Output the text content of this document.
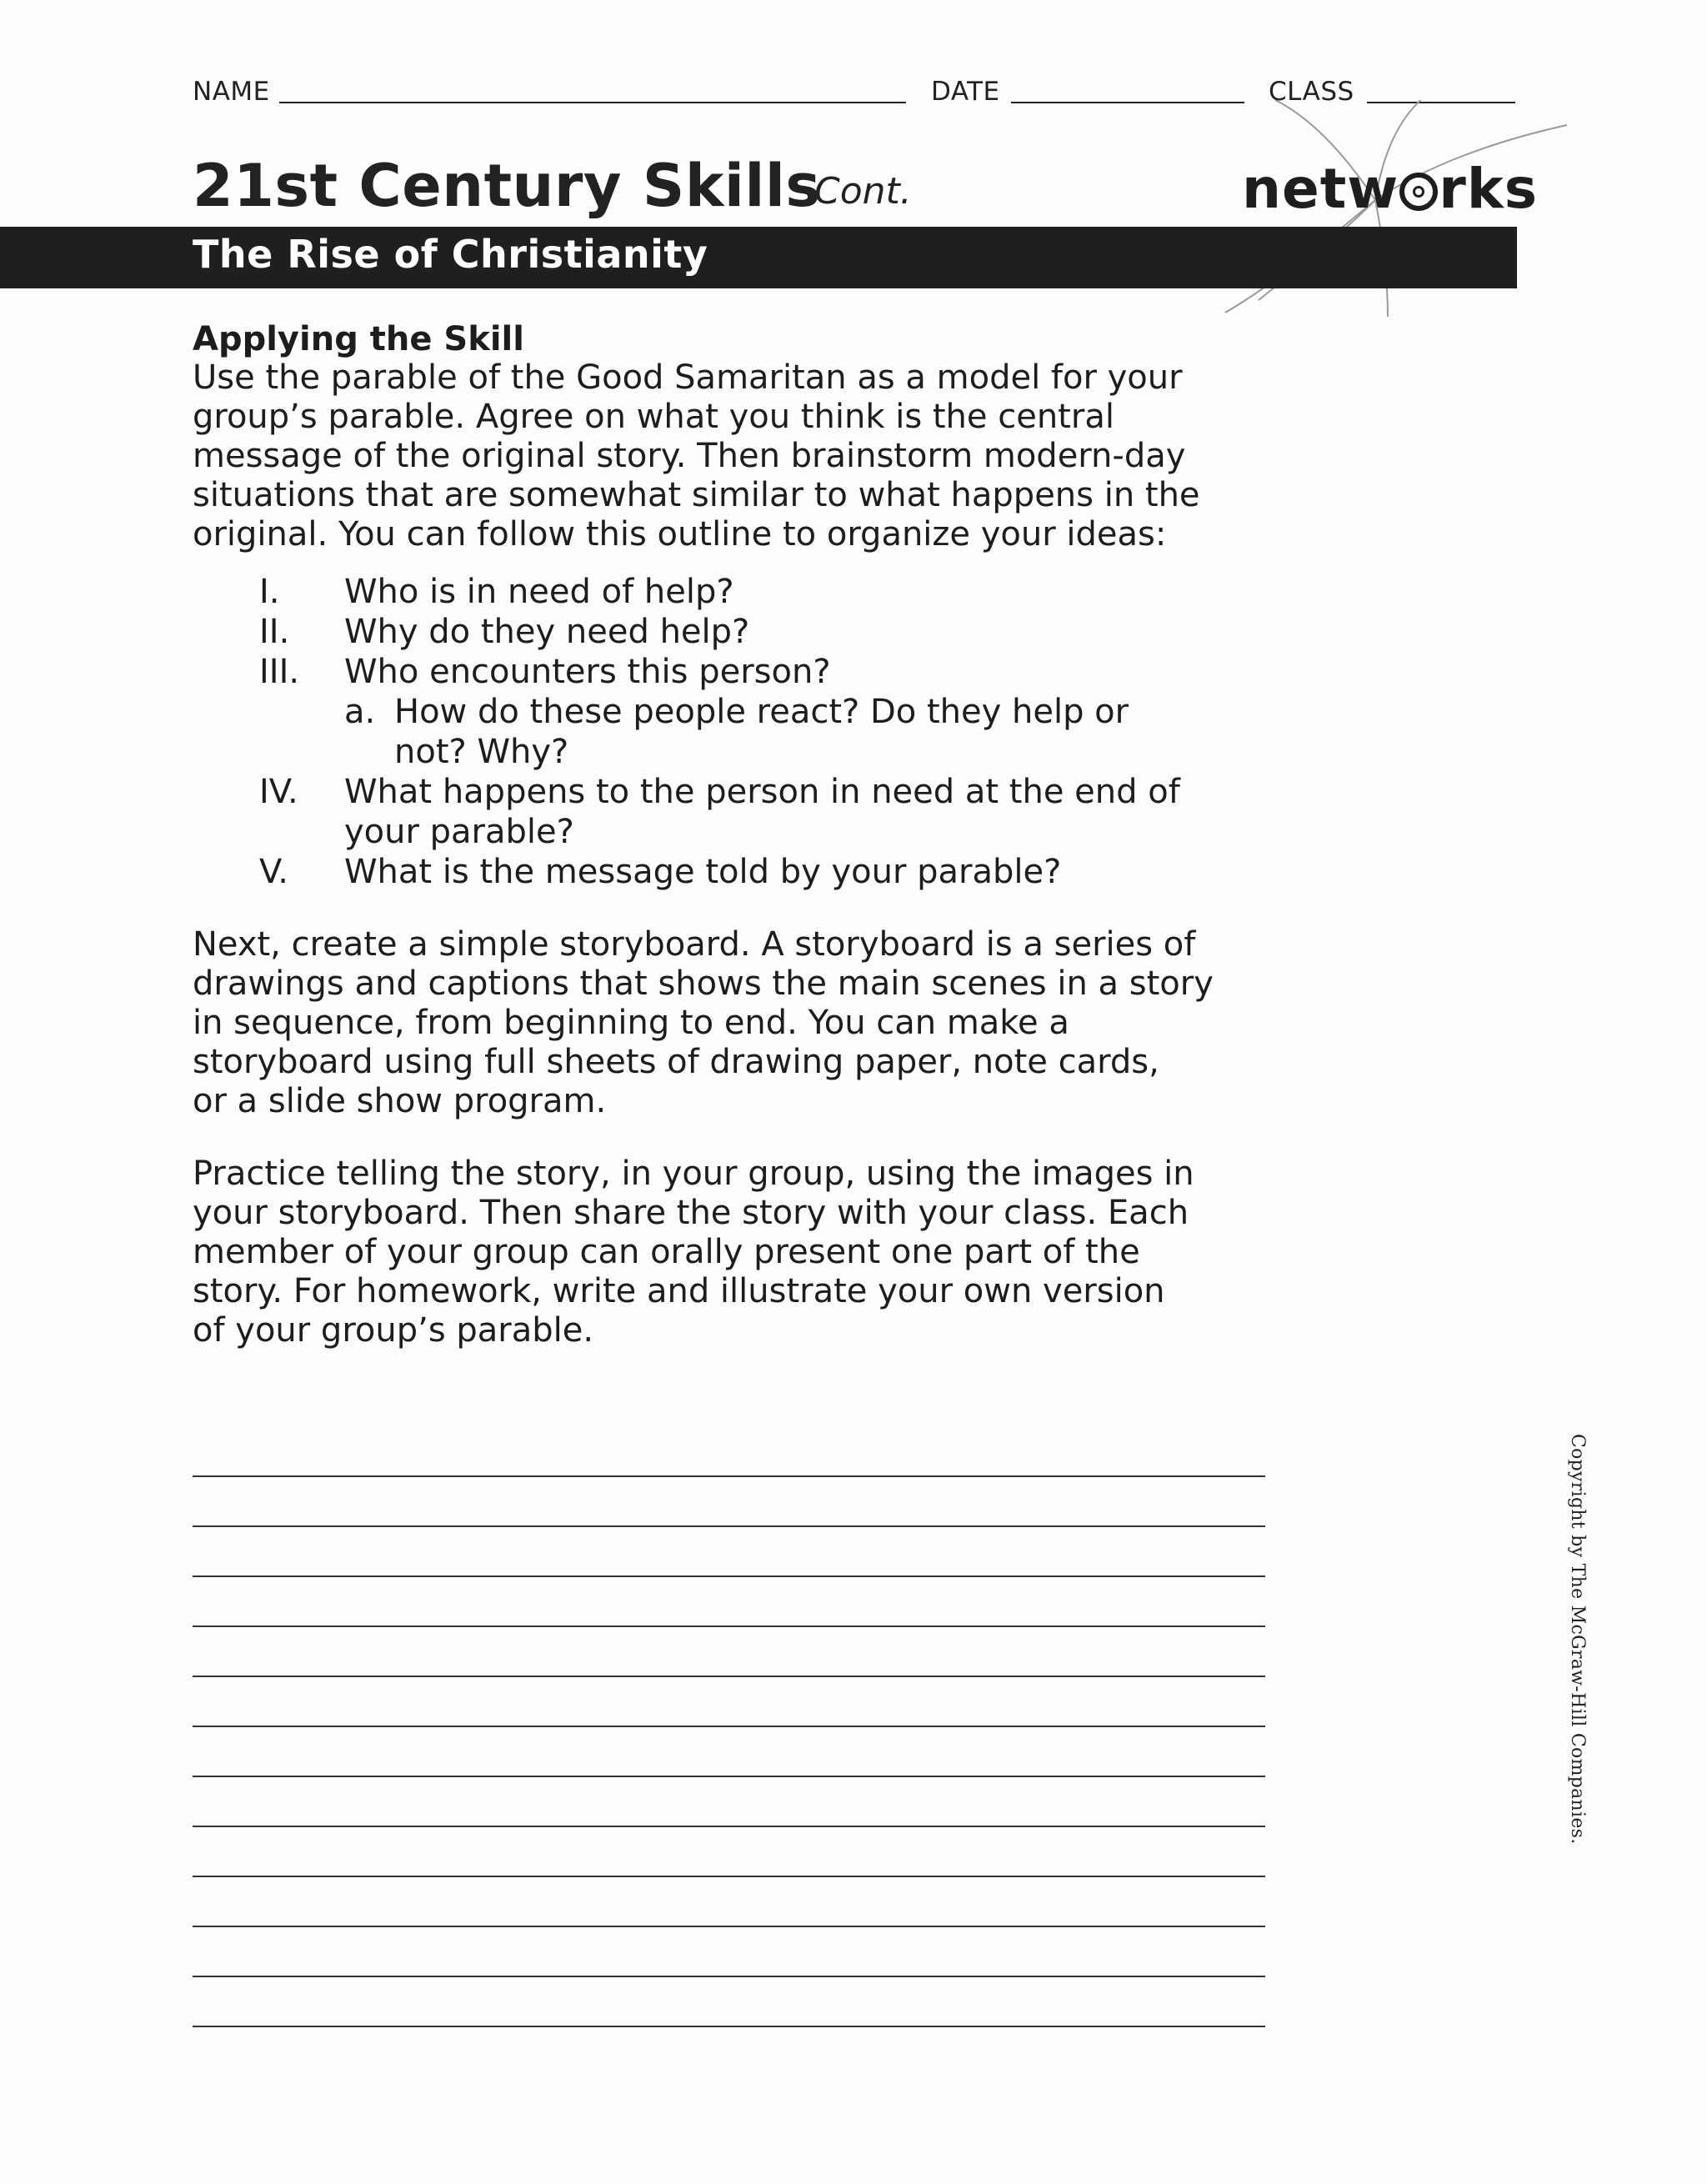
NAME	DATE	CLASS
21st Century Skills
Cont.	netw rks
The Rise of Christianity
Applying the Skill
Use the parable of the Good Samaritan as a model for your
group’s parable. Agree on what you think is the central
message of the original story. Then brainstorm modern-day
situations that are somewhat similar to what happens in the
original. You can follow this outline to organize your ideas:
I. Who is in need of help?
II. Why do they need help?
III. Who encounters this person?
a. How do these people react? Do they help or
not? Why?
IV. What happens to the person in need at the end of
your parable?
V. What is the message told by your parable?
Next, create a simple storyboard. A storyboard is a series of
drawings and captions that shows the main scenes in a story
in sequence, from beginning to end. You can make a
storyboard using full sheets of drawing paper, note cards,
or a slide show program.
Practice telling the story, in your group, using the images in
your storyboard. Then share the story with your class. Each
member of your group can orally present one part of the
story. For homework, write and illustrate your own version
of your group’s parable.
Copyright by The McGraw-Hill Companies.
